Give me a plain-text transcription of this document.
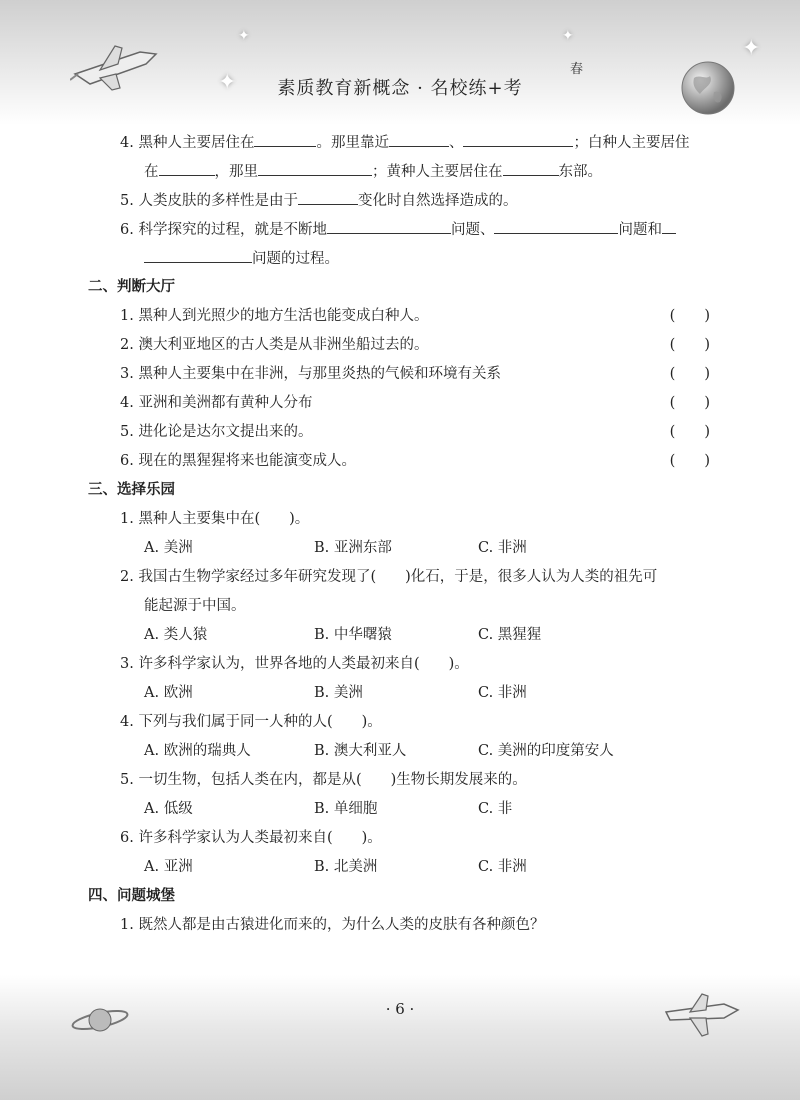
✦
✦	✦	✦
素质教育新概念 · 名校练+考
春
4. 黑种人主要居住在	。那里靠近	、	；白种人主要居住
在	，那里	；黄种人主要居住在	东部。
5. 人类皮肤的多样性是由于	变化时自然选择造成的。
6. 科学探究的过程，就是不断地	问题、	问题和
问题的过程。
二、判断大厅
1. 黑种人到光照少的地方生活也能变成白种人。	(　　)
2. 澳大利亚地区的古人类是从非洲坐船过去的。	(　　)
3. 黑种人主要集中在非洲，与那里炎热的气候和环境有关系	(　　)
4. 亚洲和美洲都有黄种人分布	(　　)
5. 进化论是达尔文提出来的。	(　　)
6. 现在的黑猩猩将来也能演变成人。	(　　)
三、选择乐园
1. 黑种人主要集中在(　　)。
A. 美洲	B. 亚洲东部	C. 非洲
2. 我国古生物学家经过多年研究发现了(　　)化石，于是，很多人认为人类的祖先可
能起源于中国。
A. 类人猿	B. 中华曙猿	C. 黑猩猩
3. 许多科学家认为，世界各地的人类最初来自(　　)。
A. 欧洲	B. 美洲	C. 非洲
4. 下列与我们属于同一人种的人(　　)。
A. 欧洲的瑞典人	B. 澳大利亚人	C. 美洲的印度第安人
5. 一切生物，包括人类在内，都是从(　　)生物长期发展来的。
A. 低级	B. 单细胞	C. 非
6. 许多科学家认为人类最初来自(　　)。
A. 亚洲	B. 北美洲	C. 非洲
四、问题城堡
1. 既然人都是由古猿进化而来的，为什么人类的皮肤有各种颜色？
· 6 ·
